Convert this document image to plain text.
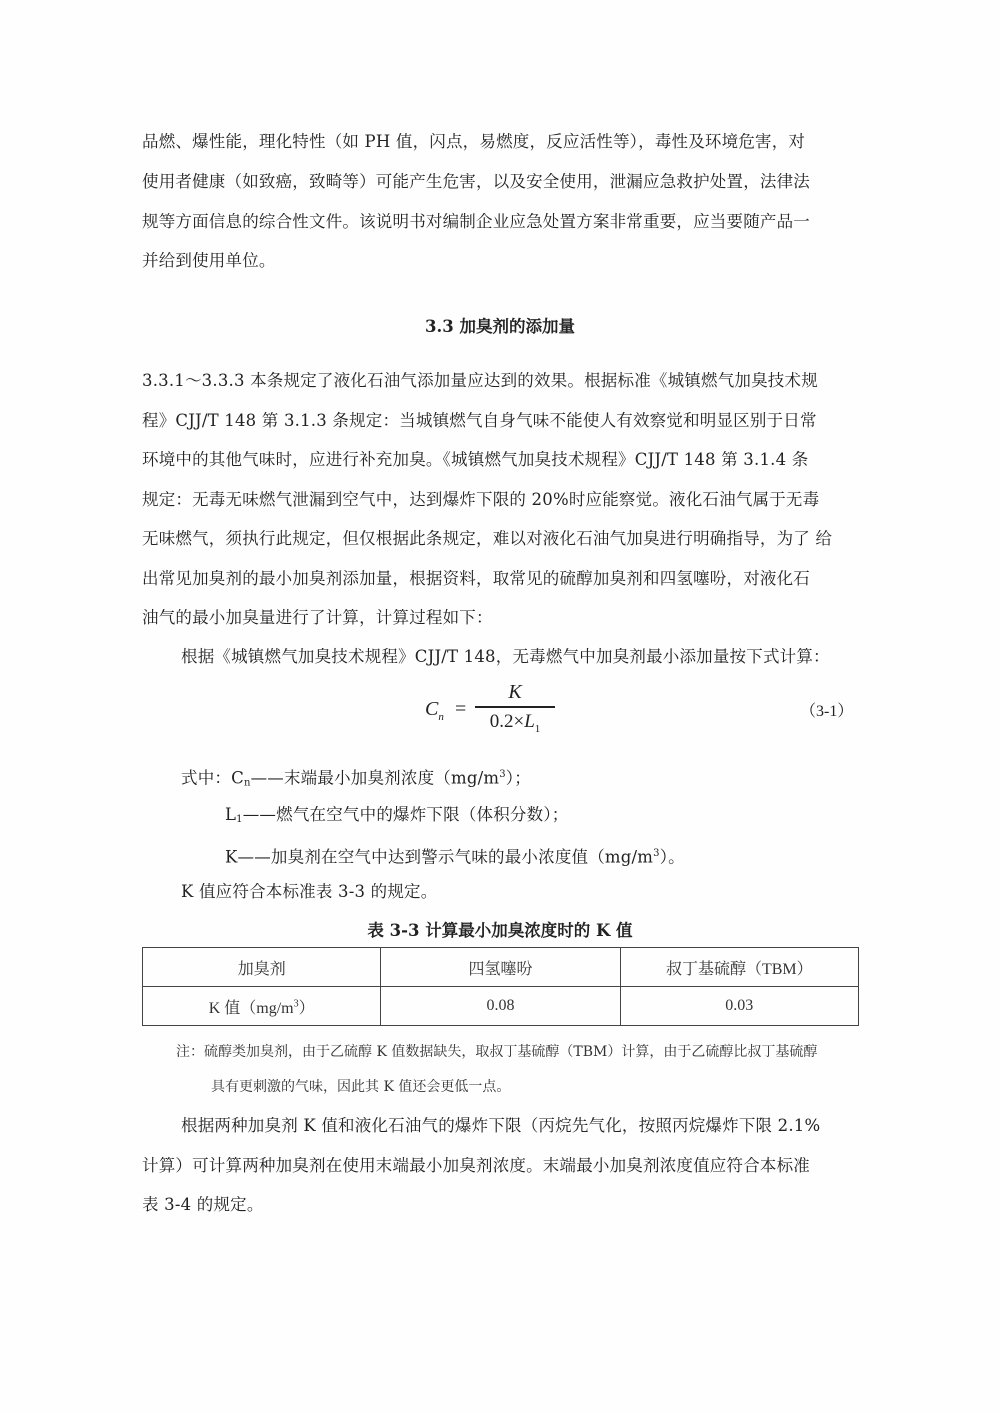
品燃、爆性能，理化特性（如 PH 值，闪点，易燃度，反应活性等），毒性及环境危害，对
使用者健康（如致癌，致畸等）可能产生危害，以及安全使用，泄漏应急救护处置，法律法
规等方面信息的综合性文件。该说明书对编制企业应急处置方案非常重要，应当要随产品一
并给到使用单位。
3.3 加臭剂的添加量
3.3.1～3.3.3 本条规定了液化石油气添加量应达到的效果。根据标准《城镇燃气加臭技术规
程》CJJ/T 148 第 3.1.3 条规定：当城镇燃气自身气味不能使人有效察觉和明显区别于日常
环境中的其他气味时，应进行补充加臭。《城镇燃气加臭技术规程》CJJ/T 148 第 3.1.4 条
规定：无毒无味燃气泄漏到空气中，达到爆炸下限的 20%时应能察觉。液化石油气属于无毒
无味燃气，须执行此规定，但仅根据此条规定，难以对液化石油气加臭进行明确指导，为了 给
出常见加臭剂的最小加臭剂添加量，根据资料，取常见的硫醇加臭剂和四氢噻吩，对液化石
油气的最小加臭量进行了计算，计算过程如下：
根据《城镇燃气加臭技术规程》CJJ/T 148，无毒燃气中加臭剂最小添加量按下式计算：
$C_n$ =
K
$0.2\times L_1$
（3-1）
式中：Cn——末端最小加臭剂浓度$(mg/m^3)$；
L1——燃气在空气中的爆炸下限（体积分数）；
K——加臭剂在空气中达到警示气味的最小浓度值$(mg/m^3)$。
K 值应符合本标准表 3-3 的规定。
表 3-3 计算最小加臭浓度时的 K 值
加臭剂	四氢噻吩	叔丁基硫醇（TBM）
K 值$(mg/m^3)$	0.08	0.03
注：硫醇类加臭剂，由于乙硫醇 K 值数据缺失，取叔丁基硫醇（TBM）计算，由于乙硫醇比叔丁基硫醇
具有更刺激的气味，因此其 K 值还会更低一点。
根据两种加臭剂 K 值和液化石油气的爆炸下限（丙烷先气化，按照丙烷爆炸下限 2.1%
计算）可计算两种加臭剂在使用末端最小加臭剂浓度。末端最小加臭剂浓度值应符合本标准
表 3-4 的规定。
